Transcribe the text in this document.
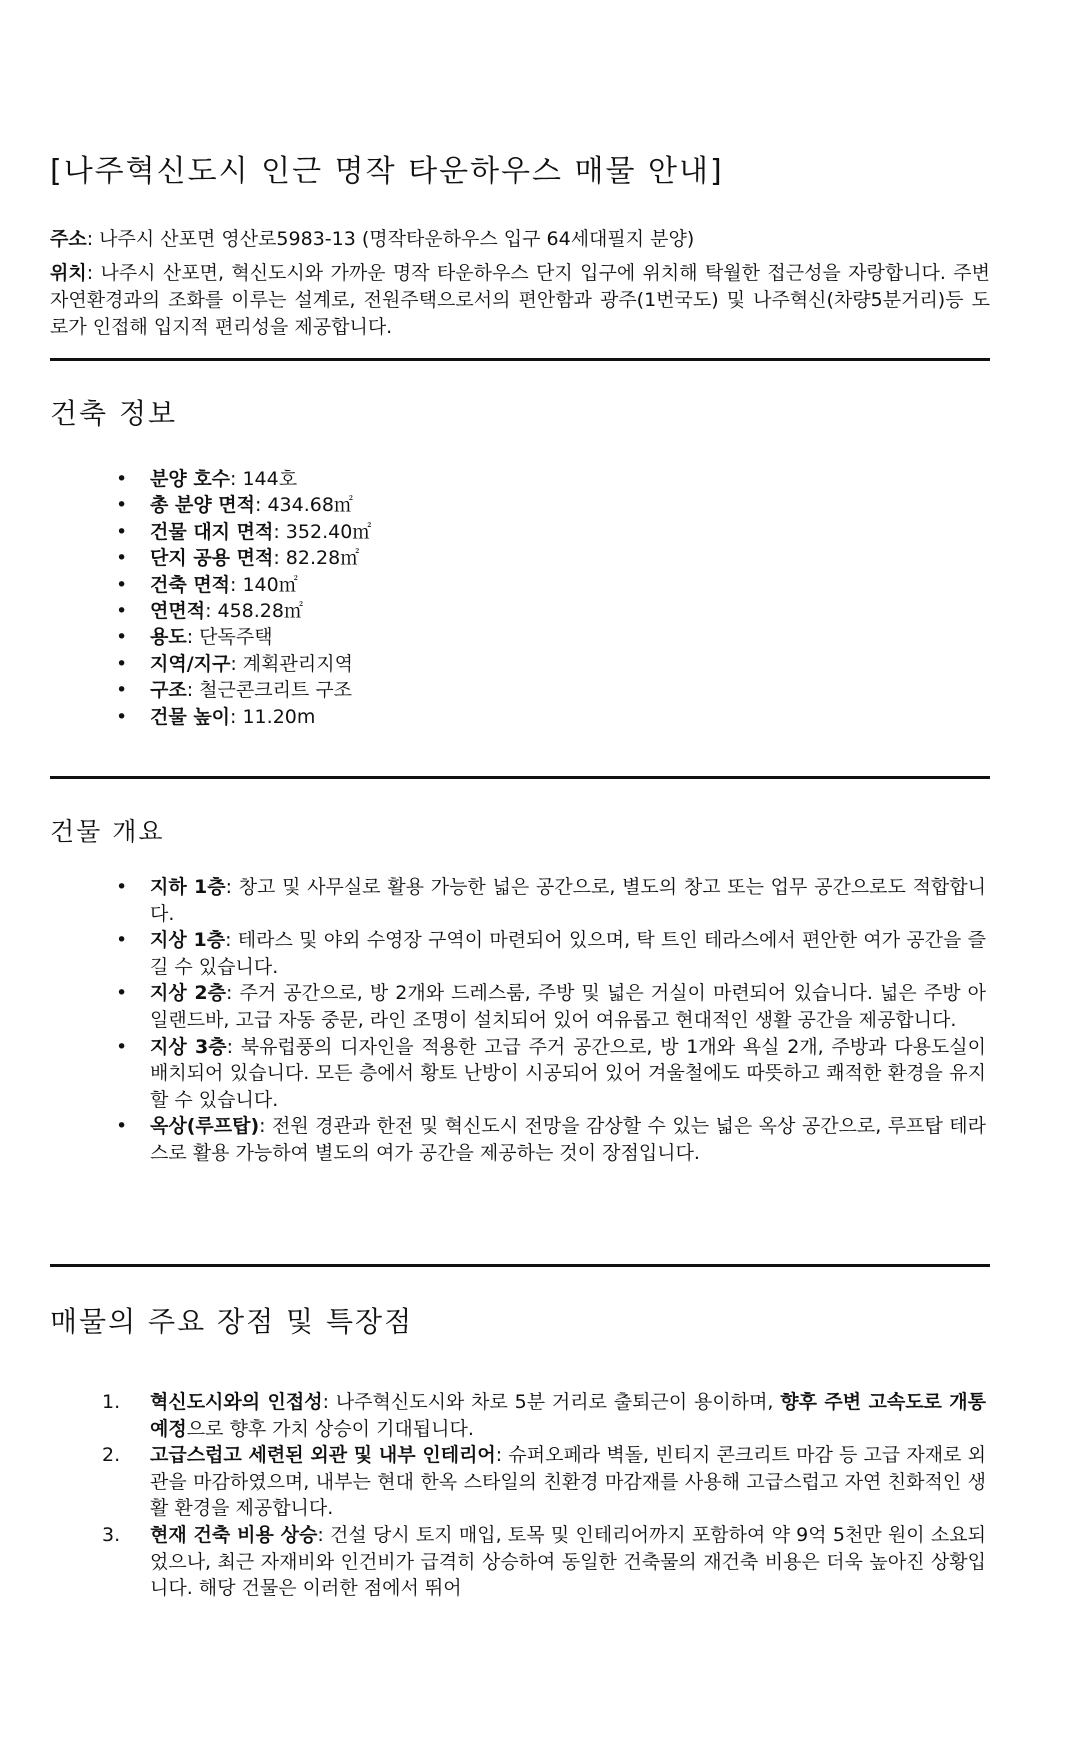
[나주혁신도시 인근 명작 타운하우스 매물 안내]

주소: 나주시 산포면 영산로5983-13 (명작타운하우스 입구 64세대필지 분양)

위치: 나주시 산포면, 혁신도시와 가까운 명작 타운하우스 단지 입구에 위치해 탁월한 접근성을 자랑합니다. 주변 자연환경과의 조화를 이루는 설계로, 전원주택으로서의 편안함과 광주(1번국도) 및 나주혁신(차량5분거리)등 도로가 인접해 입지적 편리성을 제공합니다.

건축 정보
• 분양 호수: 144호
• 총 분양 면적: 434.68㎡
• 건물 대지 면적: 352.40㎡
• 단지 공용 면적: 82.28㎡
• 건축 면적: 140㎡
• 연면적: 458.28㎡
• 용도: 단독주택
• 지역/지구: 계획관리지역
• 구조: 철근콘크리트 구조
• 건물 높이: 11.20m
건물 개요
• 지하 1층: 창고 및 사무실로 활용 가능한 넓은 공간으로, 별도의 창고 또는 업무 공간으로도 적합합니다.
• 지상 1층: 테라스 및 야외 수영장 구역이 마련되어 있으며, 탁 트인 테라스에서 편안한 여가 공간을 즐길 수 있습니다.
• 지상 2층: 주거 공간으로, 방 2개와 드레스룸, 주방 및 넓은 거실이 마련되어 있습니다. 넓은 주방 아일랜드바, 고급 자동 중문, 라인 조명이 설치되어 있어 여유롭고 현대적인 생활 공간을 제공합니다.
• 지상 3층: 북유럽풍의 디자인을 적용한 고급 주거 공간으로, 방 1개와 욕실 2개, 주방과 다용도실이 배치되어 있습니다. 모든 층에서 황토 난방이 시공되어 있어 겨울철에도 따뜻하고 쾌적한 환경을 유지할 수 있습니다.
• 옥상(루프탑): 전원 경관과 한전 및 혁신도시 전망을 감상할 수 있는 넓은 옥상 공간으로, 루프탑 테라스로 활용 가능하여 별도의 여가 공간을 제공하는 것이 장점입니다.
매물의 주요 장점 및 특장점
1. 혁신도시와의 인접성: 나주혁신도시와 차로 5분 거리로 출퇴근이 용이하며, 향후 주변 고속도로 개통 예정으로 향후 가치 상승이 기대됩니다.
2. 고급스럽고 세련된 외관 및 내부 인테리어: 슈퍼오페라 벽돌, 빈티지 콘크리트 마감 등 고급 자재로 외관을 마감하였으며, 내부는 현대 한옥 스타일의 친환경 마감재를 사용해 고급스럽고 자연 친화적인 생활 환경을 제공합니다.
3. 현재 건축 비용 상승: 건설 당시 토지 매입, 토목 및 인테리어까지 포함하여 약 9억 5천만 원이 소요되었으나, 최근 자재비와 인건비가 급격히 상승하여 동일한 건축물의 재건축 비용은 더욱 높아진 상황입니다. 해당 건물은 이러한 점에서 뛰어
